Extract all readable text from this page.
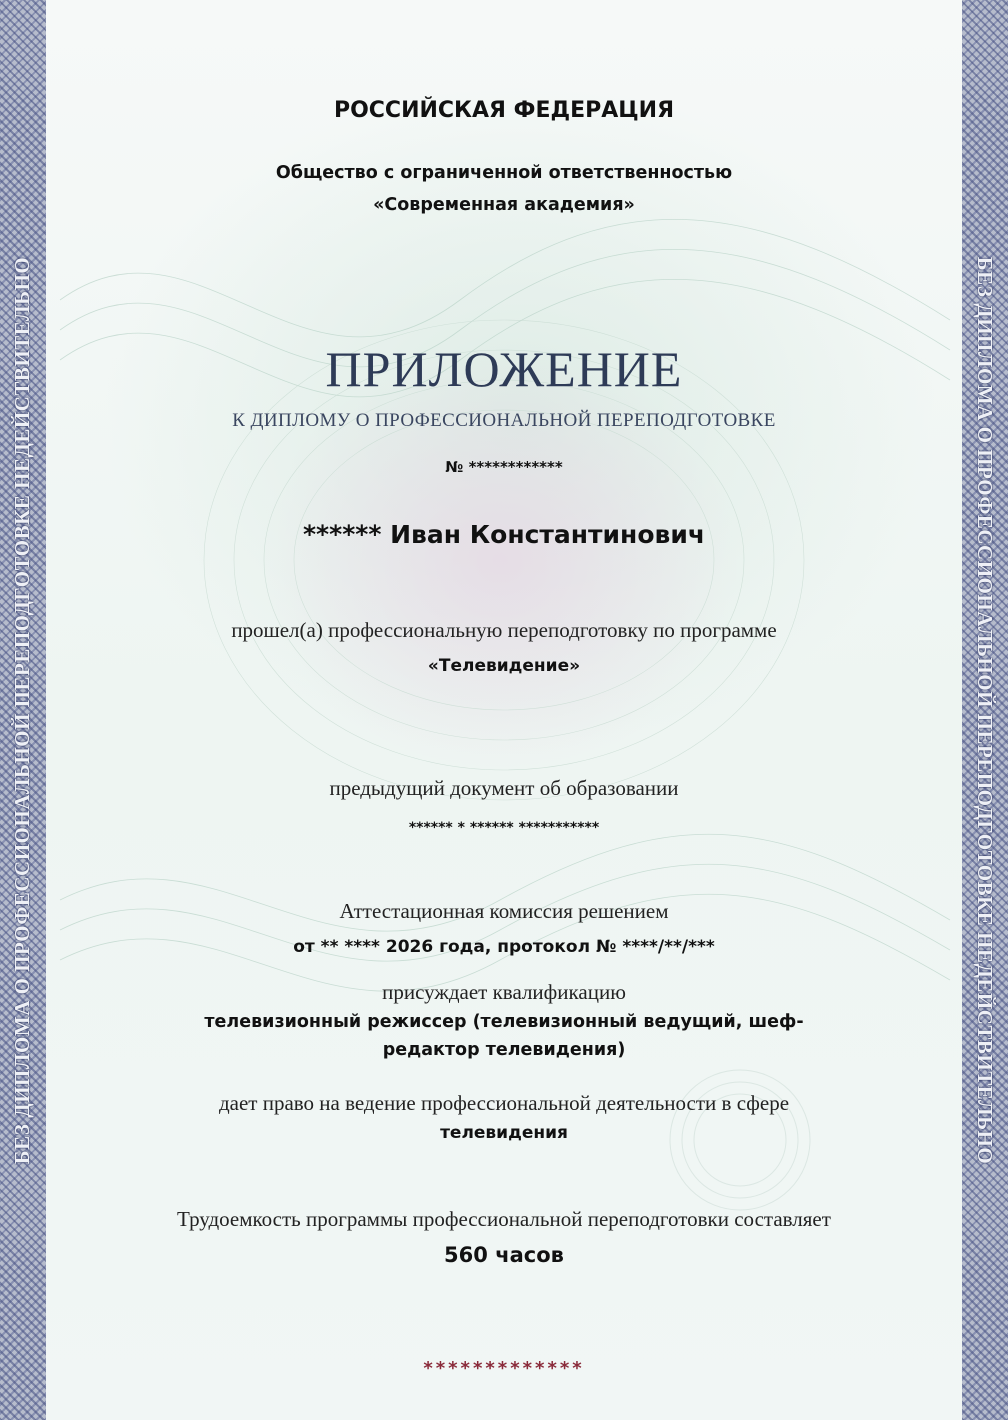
БЕЗ ДИПЛОМА О ПРОФЕССИОНАЛЬНОЙ ПЕРЕПОДГОТОВКЕ НЕДЕЙСТВИТЕЛЬНО	БЕЗ ДИПЛОМА О ПРОФЕССИОНАЛЬНОЙ ПЕРЕПОДГОТОВКЕ НЕДЕЙСТВИТЕЛЬНО
РОССИЙСКАЯ ФЕДЕРАЦИЯ
Общество с ограниченной ответственностью
«Современная академия»
ПРИЛОЖЕНИЕ
К ДИПЛОМУ О ПРОФЕССИОНАЛЬНОЙ ПЕРЕПОДГОТОВКЕ
№ ************
****** Иван Константинович
прошел(а) профессиональную переподготовку по программе
«Телевидение»
предыдущий документ об образовании
****** * ****** ***********
Аттестационная комиссия решением
от ** **** 2026 года, протокол № ****/**/***
присуждает квалификацию
телевизионный режиссер (телевизионный ведущий, шеф-
редактор телевидения)
дает право на ведение профессиональной деятельности в сфере
телевидения
Трудоемкость программы профессиональной переподготовки составляет
560 часов
*************
